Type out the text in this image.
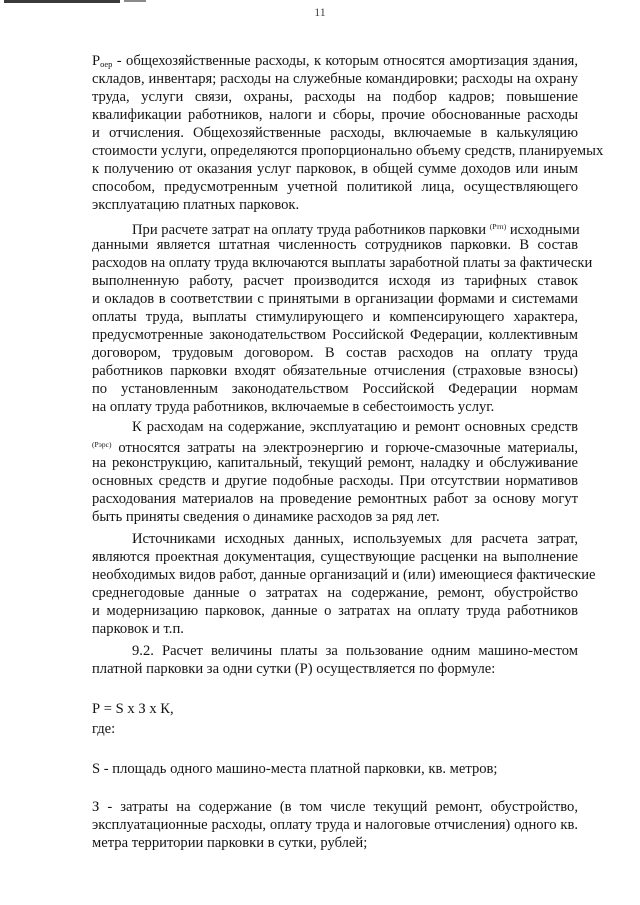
11
$P_{oep}$ - общехозяйственные расходы, к которым относятся амортизация здания,
складов, инвентаря; расходы на служебные командировки; расходы на охрану
труда, услуги связи, охраны, расходы на подбор кадров; повышение
квалификации работников, налоги и сборы, прочие обоснованные расходы
и отчисления. Общехозяйственные расходы, включаемые в калькуляцию
стоимости услуги, определяются пропорционально объему средств, планируемых
к получению от оказания услуг парковок, в общей сумме доходов или иным
способом, предусмотренным учетной политикой лица, осуществляющего
эксплуатацию платных парковок.
При расчете затрат на оплату труда работников парковки $^{(Pтп)}$ исходными
данными является штатная численность сотрудников парковки. В состав
расходов на оплату труда включаются выплаты заработной платы за фактически
выполненную работу, расчет производится исходя из тарифных ставок
и окладов в соответствии с принятыми в организации формами и системами
оплаты труда, выплаты стимулирующего и компенсирующего характера,
предусмотренные законодательством Российской Федерации, коллективным
договором, трудовым договором. В состав расходов на оплату труда
работников парковки входят обязательные отчисления (страховые взносы)
по установленным законодательством Российской Федерации нормам
на оплату труда работников, включаемые в себестоимость услуг.
К расходам на содержание, эксплуатацию и ремонт основных средств
$^{(Pэрс)}$ относятся затраты на электроэнергию и горюче-смазочные материалы,
на реконструкцию, капитальный, текущий ремонт, наладку и обслуживание
основных средств и другие подобные расходы. При отсутствии нормативов
расходования материалов на проведение ремонтных работ за основу могут
быть приняты сведения о динамике расходов за ряд лет.
Источниками исходных данных, используемых для расчета затрат,
являются проектная документация, существующие расценки на выполнение
необходимых видов работ, данные организаций и (или) имеющиеся фактические
среднегодовые данные о затратах на содержание, ремонт, обустройство
и модернизацию парковок, данные о затратах на оплату труда работников
парковок и т.п.
9.2. Расчет величины платы за пользование одним машино-местом
платной парковки за одни сутки (Р) осуществляется по формуле:
Р = S х З х К,
где:
S - площадь одного машино-места платной парковки, кв. метров;
З - затраты на содержание (в том числе текущий ремонт, обустройство,
эксплуатационные расходы, оплату труда и налоговые отчисления) одного кв.
метра территории парковки в сутки, рублей;
